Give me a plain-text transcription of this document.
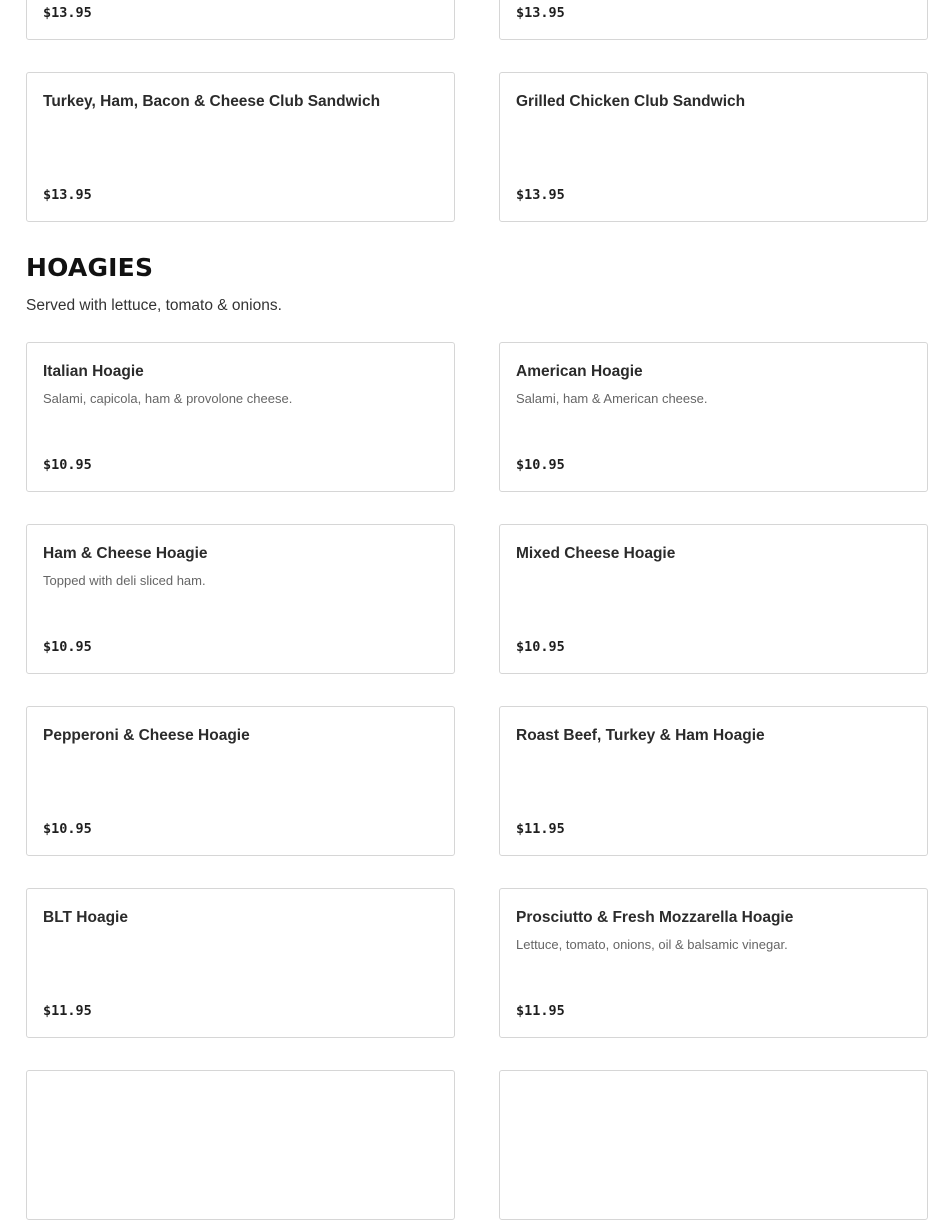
$13.95	$13.95
Turkey, Ham, Bacon & Cheese Club Sandwich
$13.95
Grilled Chicken Club Sandwich
$13.95
HOAGIES
Served with lettuce, tomato & onions.
Italian Hoagie
Salami, capicola, ham & provolone cheese.
$10.95
American Hoagie
Salami, ham & American cheese.
$10.95
Ham & Cheese Hoagie
Topped with deli sliced ham.
$10.95
Mixed Cheese Hoagie
$10.95
Pepperoni & Cheese Hoagie
$10.95
Roast Beef, Turkey & Ham Hoagie
$11.95
BLT Hoagie
$11.95
Prosciutto & Fresh Mozzarella Hoagie
Lettuce, tomato, onions, oil & balsamic vinegar.
$11.95
